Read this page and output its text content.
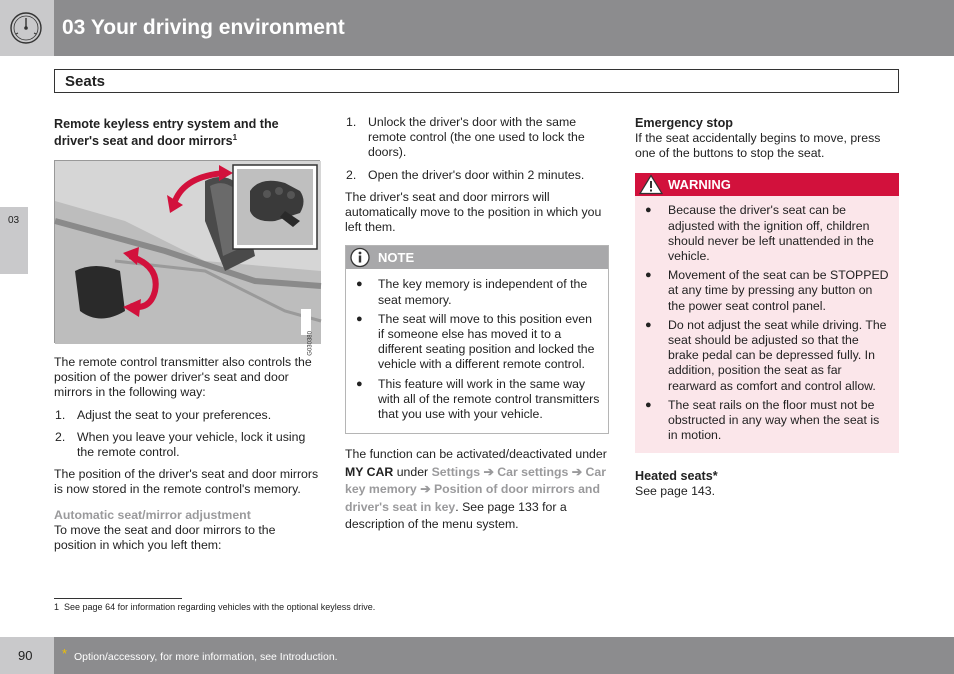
03 Your driving environment
Seats
03
Remote keyless entry system and the driver's seat and door mirrors$^1$
G030380

The remote control transmitter also controls the position of the power driver's seat and door mirrors in the following way:

1. Adjust the seat to your preferences.
2. When you leave your vehicle, lock it using the remote control.

The position of the driver's seat and door mirrors is now stored in the remote control's memory.

Automatic seat/mirror adjustment

To move the seat and door mirrors to the position in which you left them:

1. Unlock the driver's door with the same remote control (the one used to lock the doors).
2. Open the driver's door within 2 minutes.

The driver's seat and door mirrors will automatically move to the position in which you left them.

NOTE
● The key memory is independent of the seat memory.
● The seat will move to this position even if someone else has moved it to a different seating position and locked the vehicle with a different remote control.
● This feature will work in the same way with all of the remote control transmitters that you use with your vehicle.

The function can be activated/deactivated under MY CAR under Settings ➔ Car settings ➔ Car key memory ➔ Position of door mirrors and driver's seat in key. See page 133 for a description of the menu system.

Emergency stop

If the seat accidentally begins to move, press one of the buttons to stop the seat.

WARNING
● Because the driver's seat can be adjusted with the ignition off, children should never be left unattended in the vehicle.
● Movement of the seat can be STOPPED at any time by pressing any button on the power seat control panel.
● Do not adjust the seat while driving. The seat should be adjusted so that the brake pedal can be depressed fully. In addition, position the seat as far rearward as comfort and control allow.
● The seat rails on the floor must not be obstructed in any way when the seat is in motion.
Heated seats*

See page 143.

1 See page 64 for information regarding vehicles with the optional keyless drive.
90 * Option/accessory, for more information, see Introduction.
